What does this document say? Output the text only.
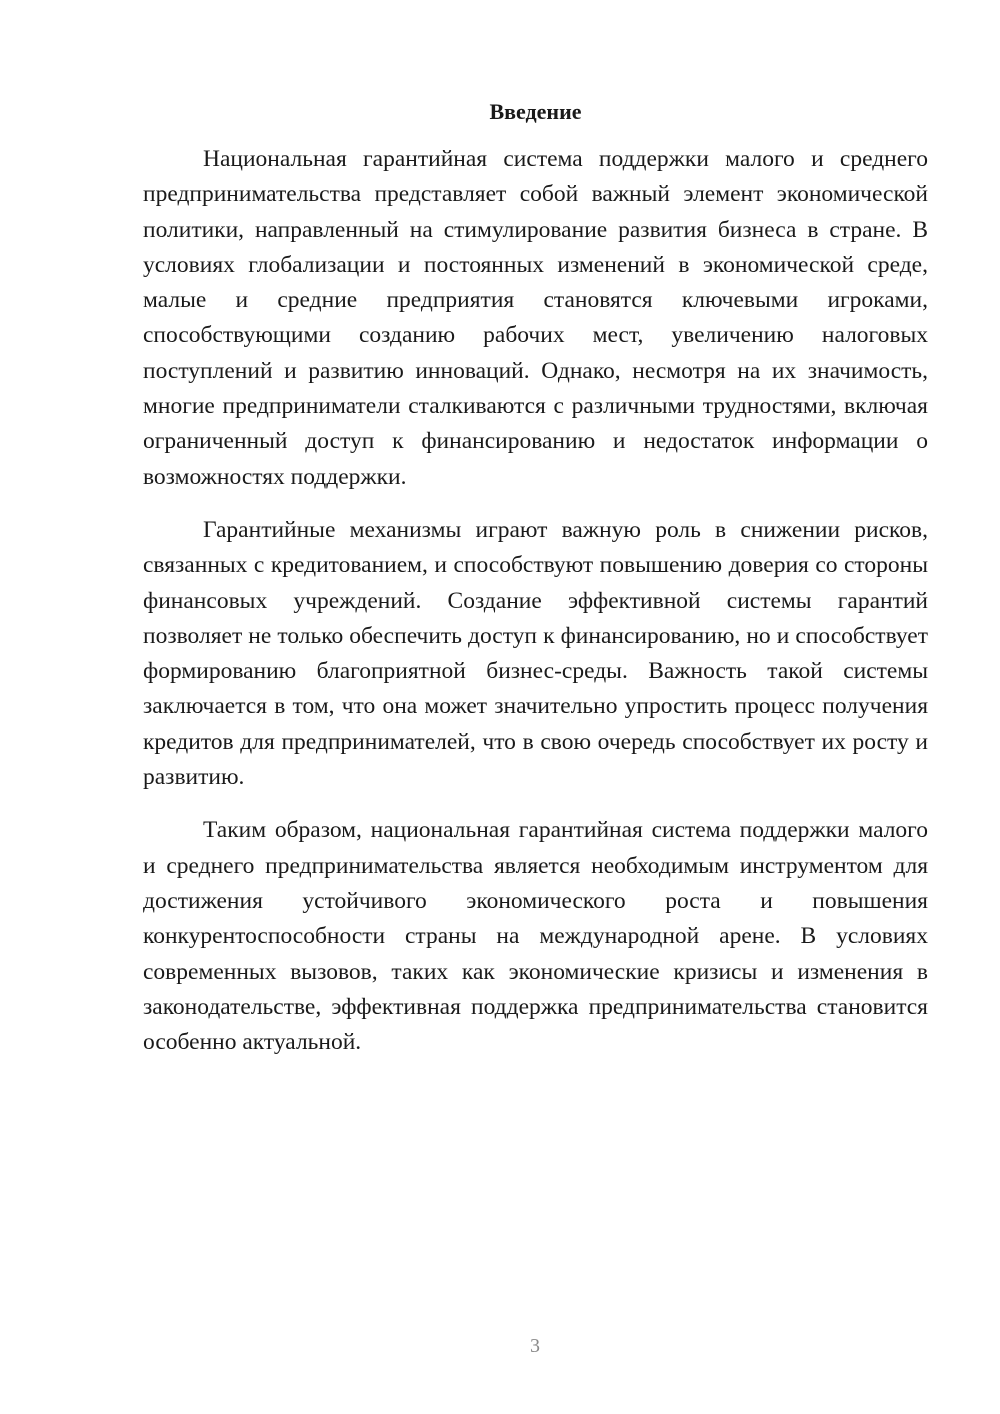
Введение

Национальная гарантийная система поддержки малого и среднего предпринимательства представляет собой важный элемент экономической политики, направленный на стимулирование развития бизнеса в стране. В условиях глобализации и постоянных изменений в экономической среде, малые и средние предприятия становятся ключевыми игроками, способствующими созданию рабочих мест, увеличению налоговых поступлений и развитию инноваций. Однако, несмотря на их значимость, многие предприниматели сталкиваются с различными трудностями, включая ограниченный доступ к финансированию и недостаток информации о возможностях поддержки.

Гарантийные механизмы играют важную роль в снижении рисков, связанных с кредитованием, и способствуют повышению доверия со стороны финансовых учреждений. Создание эффективной системы гарантий позволяет не только обеспечить доступ к финансированию, но и способствует формированию благоприятной бизнес-среды. Важность такой системы заключается в том, что она может значительно упростить процесс получения кредитов для предпринимателей, что в свою очередь способствует их росту и развитию.

Таким образом, национальная гарантийная система поддержки малого и среднего предпринимательства является необходимым инструментом для достижения устойчивого экономического роста и повышения конкурентоспособности страны на международной арене. В условиях современных вызовов, таких как экономические кризисы и изменения в законодательстве, эффективная поддержка предпринимательства становится особенно актуальной.

3
